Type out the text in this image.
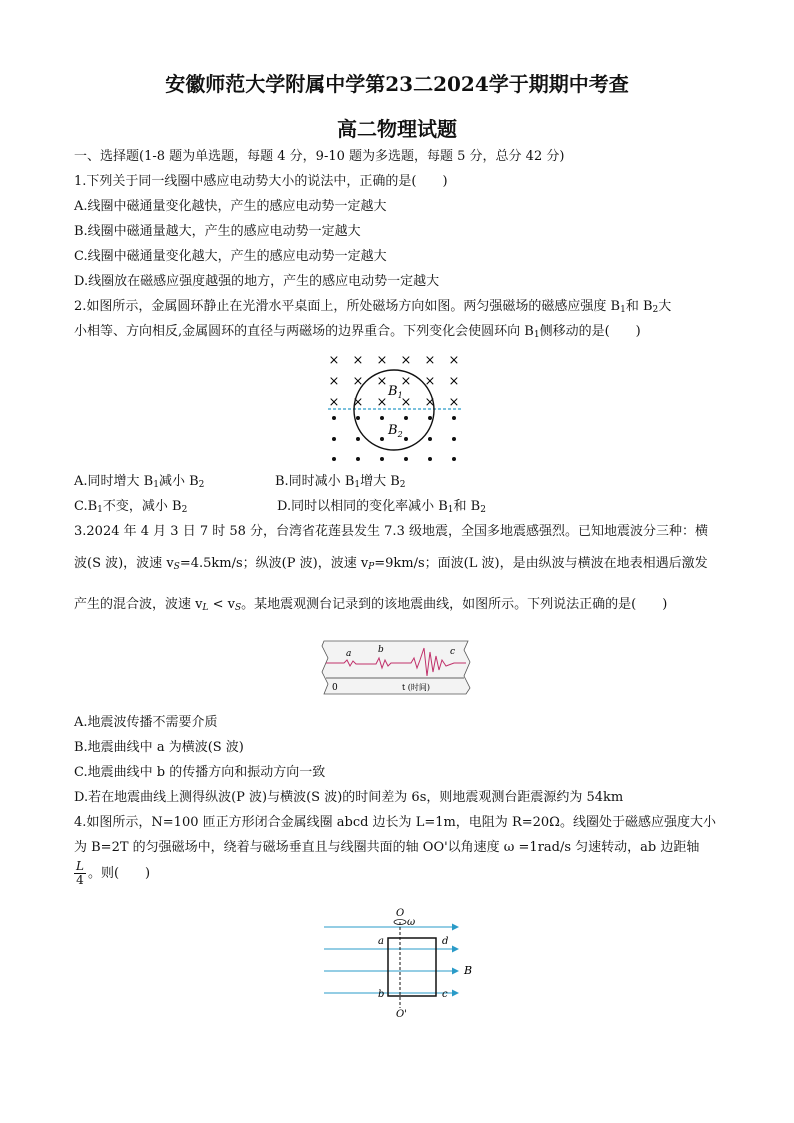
安徽师范大学附属中学第23二2024学于期期中考查
高二物理试题
一、选择题(1-8 题为单选题，每题 4 分，9-10 题为多选题，每题 5 分，总分 42 分)
1.下列关于同一线圈中感应电动势大小的说法中，正确的是(　　)
A.线圈中磁通量变化越快，产生的感应电动势一定越大
B.线圈中磁通量越大，产生的感应电动势一定越大
C.线圈中磁通量变化越大，产生的感应电动势一定越大
D.线圈放在磁感应强度越强的地方，产生的感应电动势一定越大
2.如图所示，金属圆环静止在光滑水平桌面上，所处磁场方向如图。两匀强磁场的磁感应强度 $B_1$和 $B_2$大
小相等、方向相反,金属圆环的直径与两磁场的边界重合。下列变化会使圆环向 $B_1$侧移动的是(　　)
× × × × × ×
× × × × × ×
× × × × × ×
$B_1$
$B_2$
A.同时增大 $B_1$减小 $B_2$	B.同时减小 $B_1$增大 $B_2$
$C.B_1$不变，减小 $B_2$	D.同时以相同的变化率减小 $B_1$和 $B_2$
3.2024 年 4 月 3 日 7 时 58 分，台湾省花莲县发生 7.3 级地震，全国多地震感强烈。已知地震波分三种：横
波(S 波)，波速 $v_S=4.5km/s$；纵波(P 波)，波速 $v_P=9km/s$；面波(L 波)，是由纵波与横波在地表相遇后激发
产生的混合波，波速 $v_L < v_S$。某地震观测台记录到的该地震曲线，如图所示。下列说法正确的是(　　)
a	b	c
0	t (时间)
A.地震波传播不需要介质
B.地震曲线中 a 为横波(S 波)
C.地震曲线中 b 的传播方向和振动方向一致
D.若在地震曲线上测得纵波(P 波)与横波(S 波)的时间差为 6s，则地震观测台距震源约为 54km
4.如图所示，N=100 匝正方形闭合金属线圈 abcd 边长为 L=1m，电阻为 R=20Ω。线圈处于磁感应强度大小
为 B=2T 的匀强磁场中，绕着与磁场垂直且与线圈共面的轴 OO'以角速度 ω =1rad/s 匀速转动，ab 边距轴
$\frac{L}{4}$ 。则(　　)
O
ω
O'
a
b	c
d
B
